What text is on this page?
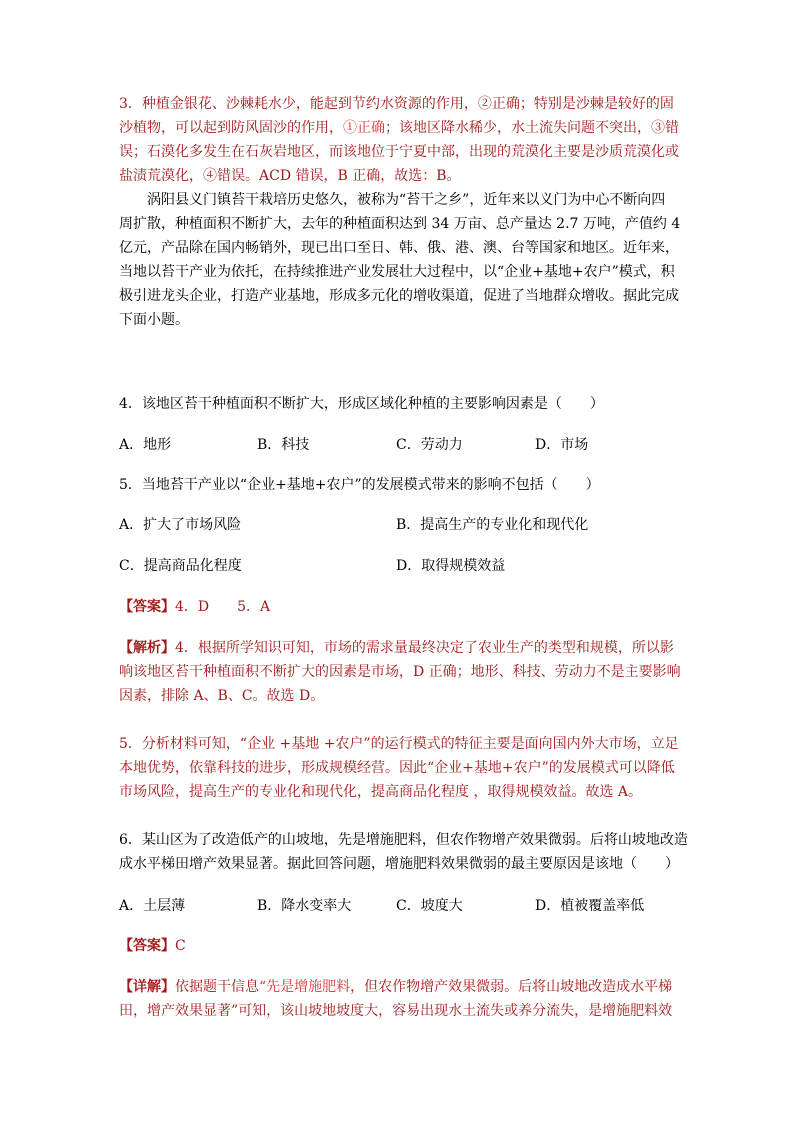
3．种植金银花、沙棘耗水少，能起到节约水资源的作用，②正确；特别是沙棘是较好的固
沙植物，可以起到防风固沙的作用，①正确；该地区降水稀少，水土流失问题不突出，③错
误；石漠化多发生在石灰岩地区，而该地位于宁夏中部，出现的荒漠化主要是沙质荒漠化或
盐渍荒漠化，④错误。ACD 错误，B 正确，故选：B。
涡阳县义门镇苔干栽培历史悠久，被称为“苔干之乡”，近年来以义门为中心不断向四
周扩散，种植面积不断扩大，去年的种植面积达到 34 万亩、总产量达 2.7 万吨，产值约 4
亿元，产品除在国内畅销外，现已出口至日、韩、俄、港、澳、台等国家和地区。近年来，
当地以苔干产业为依托，在持续推进产业发展壮大过程中，以“企业+基地+农户”模式，积
极引进龙头企业，打造产业基地，形成多元化的增收渠道，促进了当地群众增收。据此完成
下面小题。
4．该地区苔干种植面积不断扩大，形成区域化种植的主要影响因素是（　　）
A．地形	B．科技	C．劳动力	D．市场
5．当地苔干产业以“企业+基地+农户”的发展模式带来的影响不包括（　　）
A．扩大了市场风险	B．提高生产的专业化和现代化
C．提高商品化程度	D．取得规模效益
【答案】4．D　　5．A
【解析】4．根据所学知识可知，市场的需求量最终决定了农业生产的类型和规模，所以影
响该地区苔干种植面积不断扩大的因素是市场，D 正确；地形、科技、劳动力不是主要影响
因素，排除 A、B、C。故选 D。
5．分析材料可知，“企业 +基地 +农户”的运行模式的特征主要是面向国内外大市场，立足
本地优势，依靠科技的进步，形成规模经营。因此“企业+基地+农户”的发展模式可以降低
市场风险，提高生产的专业化和现代化，提高商品化程度 ，取得规模效益。故选 A。
6．某山区为了改造低产的山坡地，先是增施肥料，但农作物增产效果微弱。后将山坡地改造
成水平梯田增产效果显著。据此回答问题，增施肥料效果微弱的最主要原因是该地（　　）
A．土层薄	B．降水变率大	C．坡度大	D．植被覆盖率低
【答案】C
【详解】依据题干信息“先是增施肥料，但农作物增产效果微弱。后将山坡地改造成水平梯
田，增产效果显著”可知，该山坡地坡度大，容易出现水土流失或养分流失，是增施肥料效
